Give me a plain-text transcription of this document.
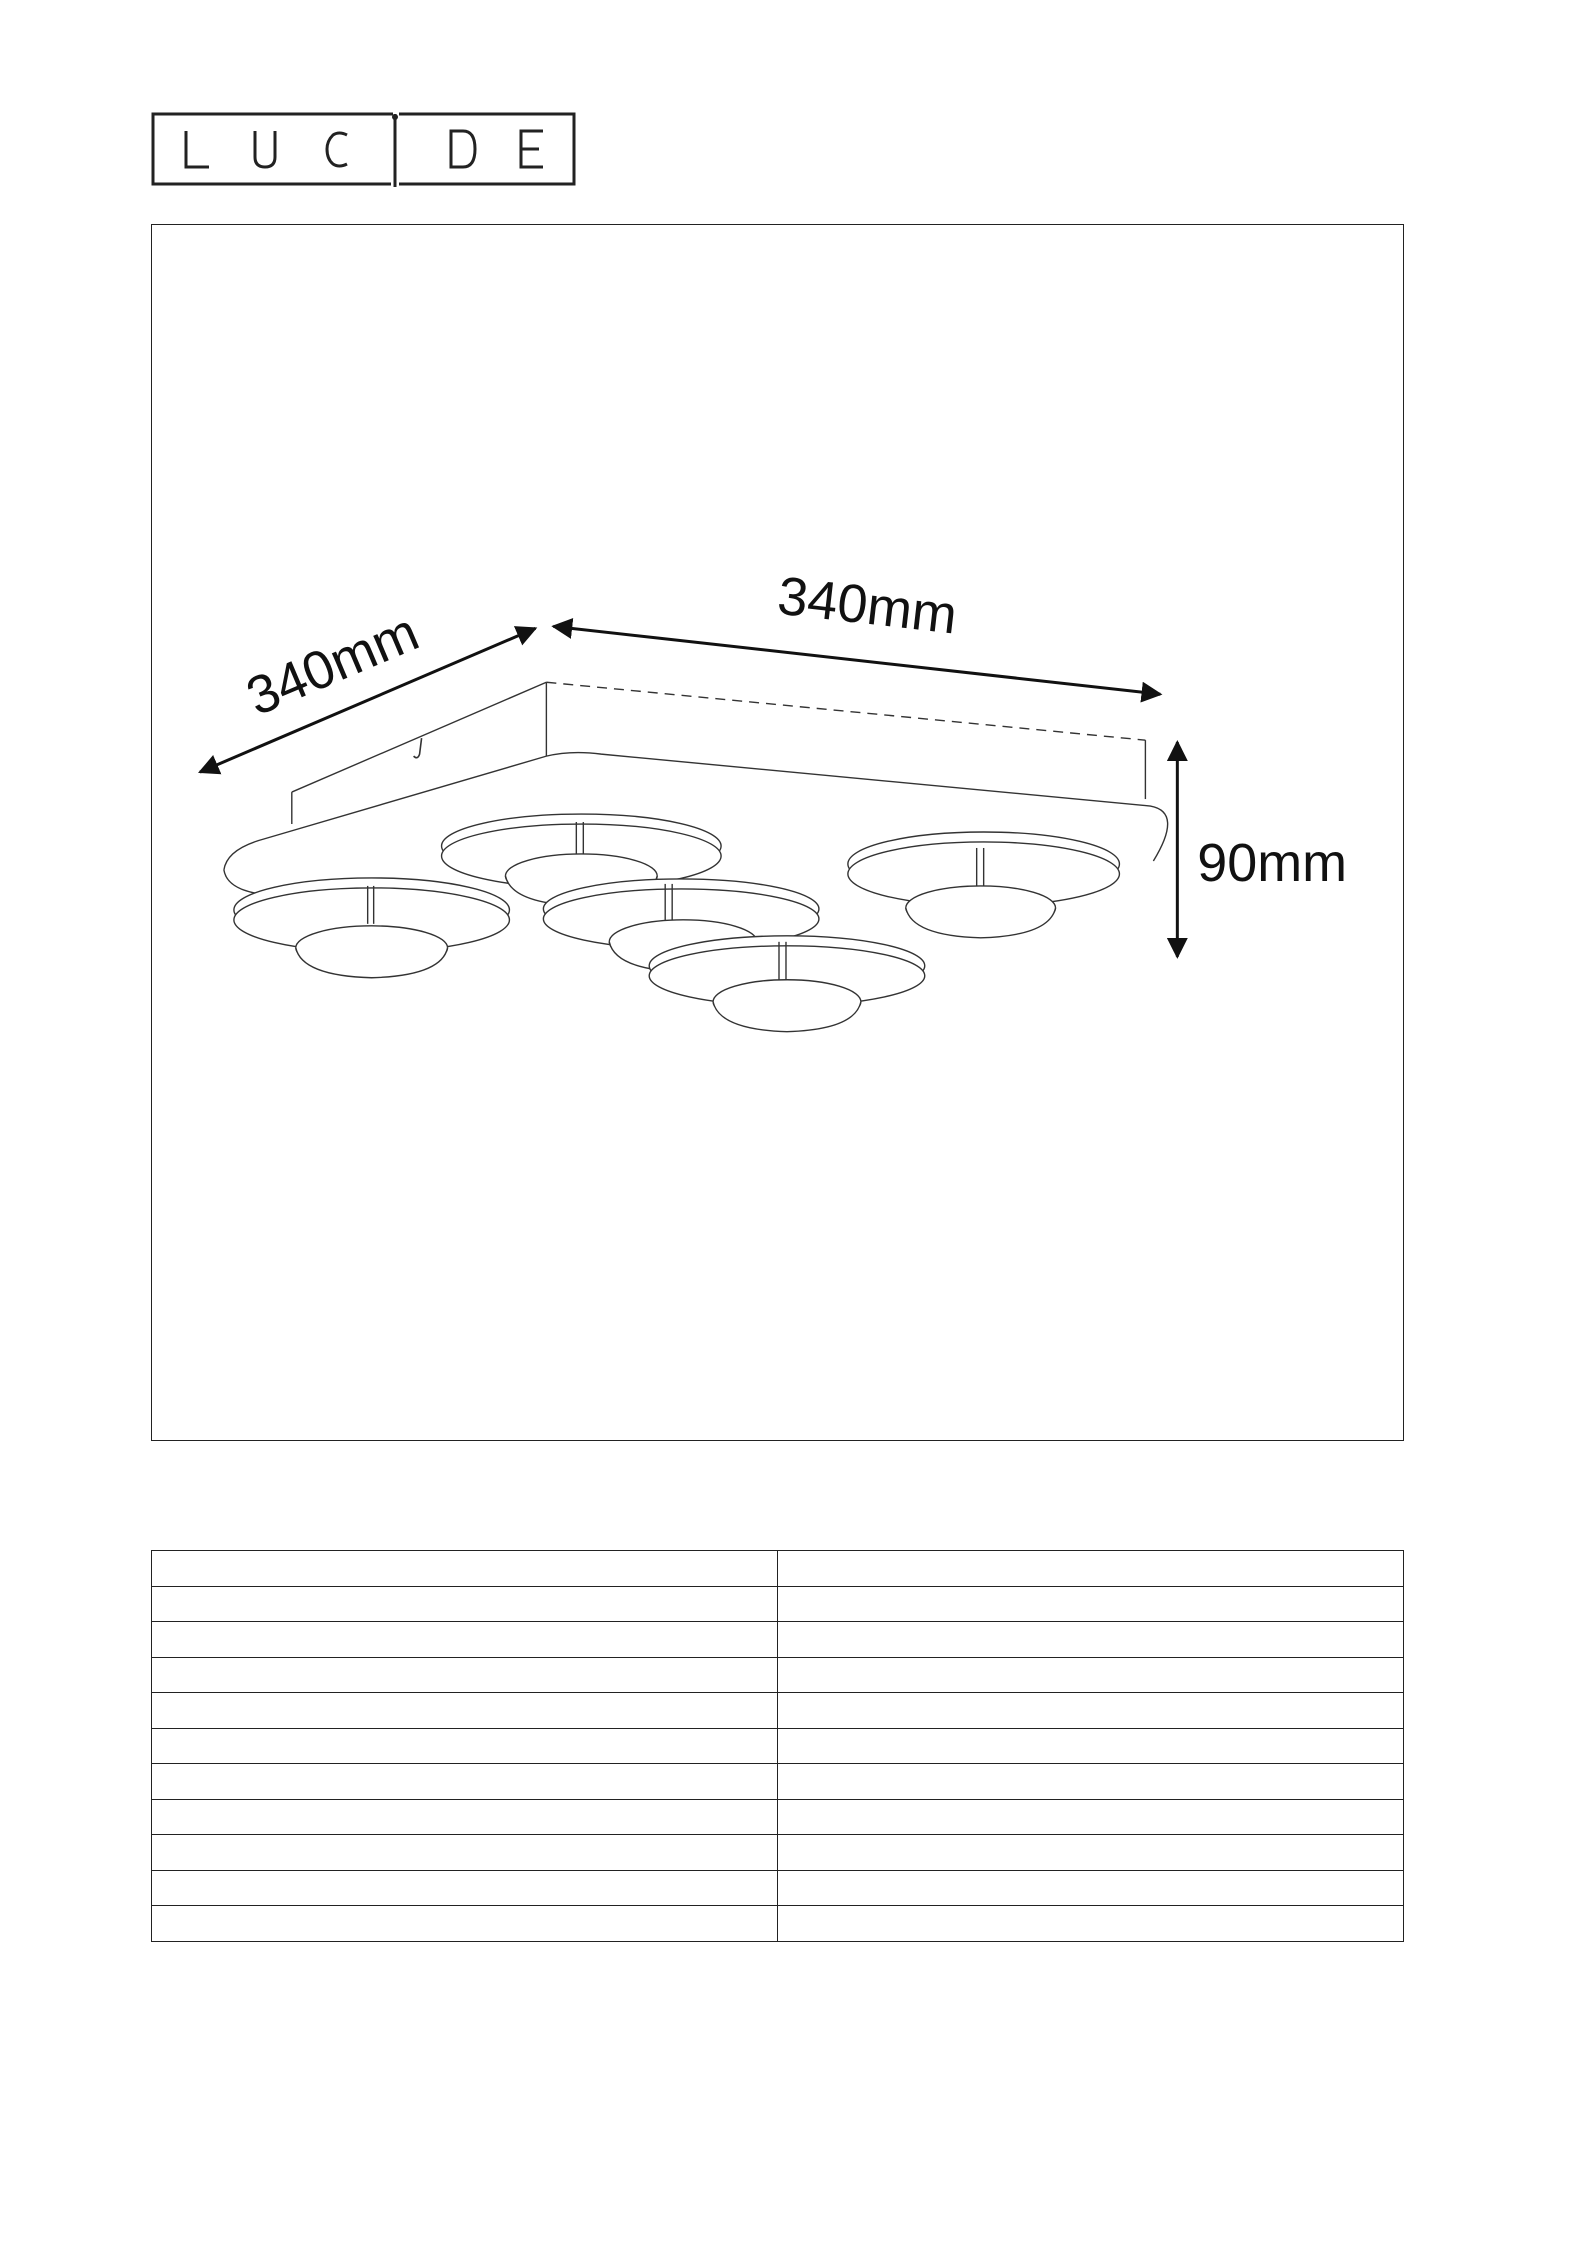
340mm	340mm
90mm
